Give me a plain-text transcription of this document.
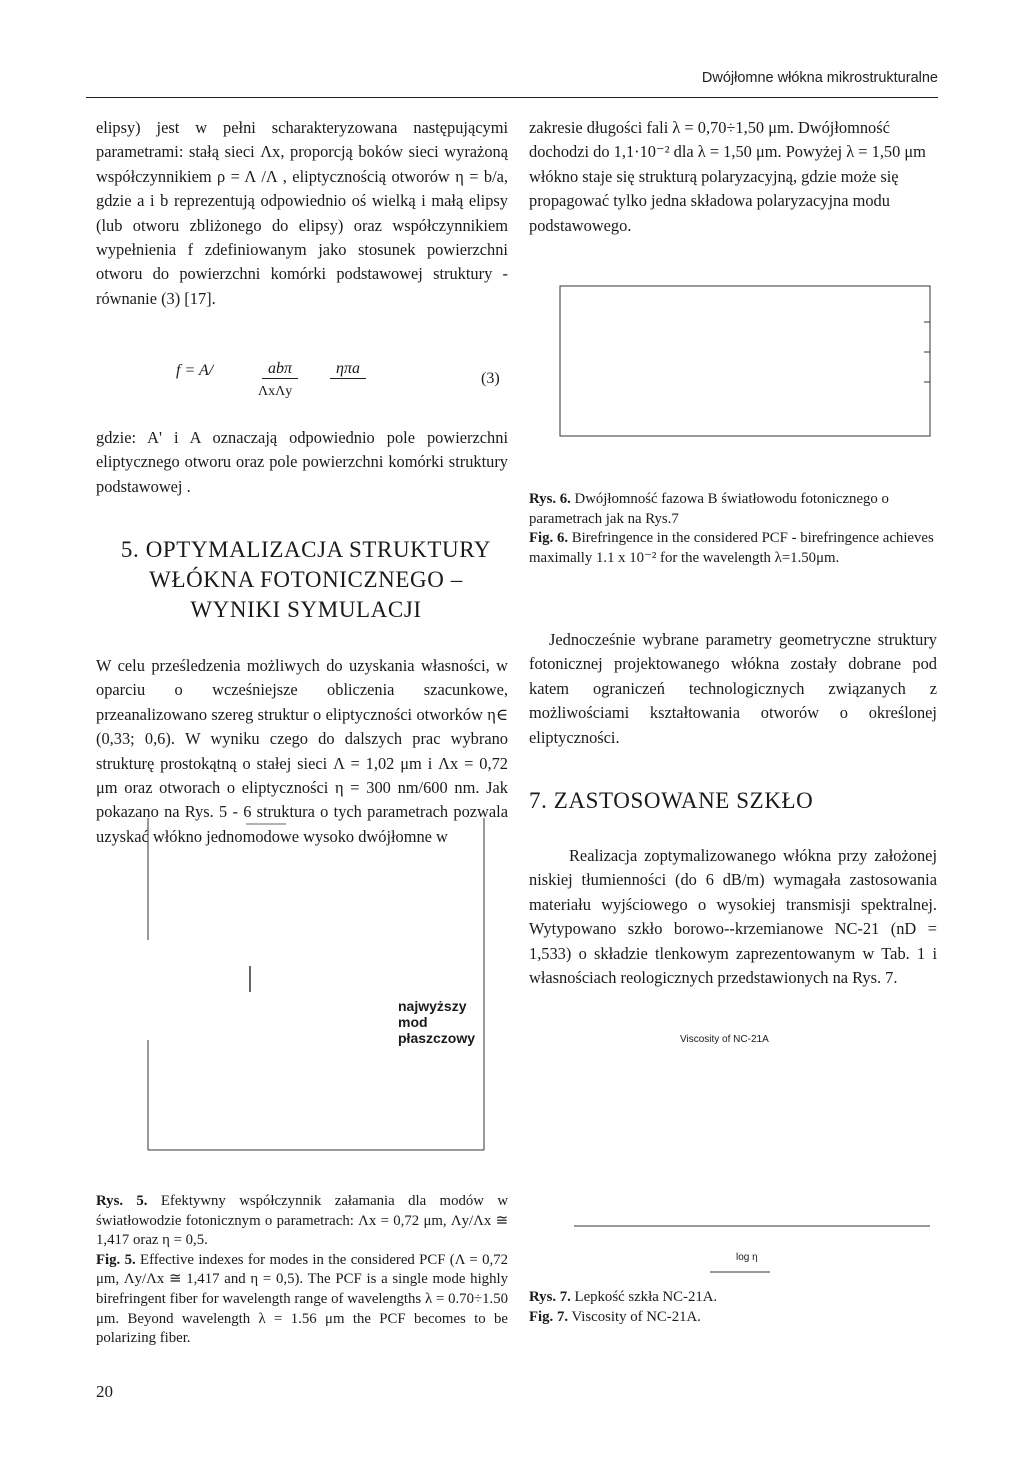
Dwójłomne włókna mikrostrukturalne

elipsy) jest w pełni scharakteryzowana następującymi parametrami: stałą sieci Λx, proporcją boków sieci wyrażoną współczynnikiem ρ = Λ /Λ , eliptycznością otworów η = b/a, gdzie a i b reprezentują odpowiednio oś wielką i małą elipsy (lub otworu zbliżonego do elipsy) oraz współczynnikiem wypełnienia f zdefiniowanym jako stosunek powierzchni otworu do powierzchni komórki podstawowej struktury - równanie (3) [17].

f = A/	abπ	ηπa
ΛxΛy
(3)

gdzie: A' i A oznaczają odpowiednio pole powierzchni eliptycznego otworu oraz pole powierzchni komórki struktury podstawowej .

5. OPTYMALIZACJA STRUKTURY

WŁÓKNA FOTONICZNEGO –

WYNIKI SYMULACJI

W celu prześledzenia możliwych do uzyskania własności, w oparciu o wcześniejsze obliczenia szacunkowe, przeanalizowano szereg struktur o eliptyczności otworków η∈ (0,33; 0,6). W wyniku czego do dalszych prac wybrano strukturę prostokątną o stałej sieci Λ = 1,02 μm i Λx = 0,72 μm oraz otworach o eliptyczności η = 300 nm/600 nm. Jak pokazano na Rys. 5 - 6 struktura o tych parametrach pozwala uzyskać włókno jednomodowe wysoko dwójłomne w

najwyższy
mod
płaszczowy

Rys. 5. Efektywny współczynnik załamania dla modów w światłowodzie fotonicznym o parametrach: Λx = 0,72 μm, Λy/Λx ≅ 1,417 oraz η = 0,5.

Fig. 5. Effective indexes for modes in the considered PCF (Λ = 0,72 μm, Λy/Λx ≅ 1,417 and η = 0,5). The PCF is a single mode highly birefringent fiber for wavelength range of wavelengths λ = 0.70÷1.50 μm. Beyond wavelength λ = 1.56 μm the PCF becomes to be polarizing fiber.

20

zakresie długości fali λ = 0,70÷1,50 μm. Dwójłomność dochodzi do 1,1·10⁻² dla λ = 1,50 μm. Powyżej λ = 1,50 μm włókno staje się strukturą polaryzacyjną, gdzie może się propagować tylko jedna składowa polaryzacyjna modu podstawowego.

Rys. 6. Dwójłomność fazowa B światłowodu fotonicznego o parametrach jak na Rys.7

Fig. 6. Birefringence in the considered PCF - birefringence achieves maximally 1.1 x 10⁻² for the wavelength λ=1.50μm.

Jednocześnie wybrane parametry geometryczne struktury fotonicznej projektowanego włókna zostały dobrane pod katem ograniczeń technologicznych związanych z możliwościami kształtowania otworów o określonej eliptyczności.

7. ZASTOSOWANE SZKŁO

Realizacja zoptymalizowanego włókna przy założonej niskiej tłumienności (do 6 dB/m) wymagała zastosowania materiału wyjściowego o wysokiej transmisji spektralnej. Wytypowano szkło borowo--krzemianowe NC-21 (nD = 1,533) o składzie tlenkowym zaprezentowanym w Tab. 1 i własnościach reologicznych przedstawionych na Rys. 7.

Viscosity of NC-21A
log η

Rys. 7. Lepkość szkła NC-21A.

Fig. 7. Viscosity of NC-21A.
